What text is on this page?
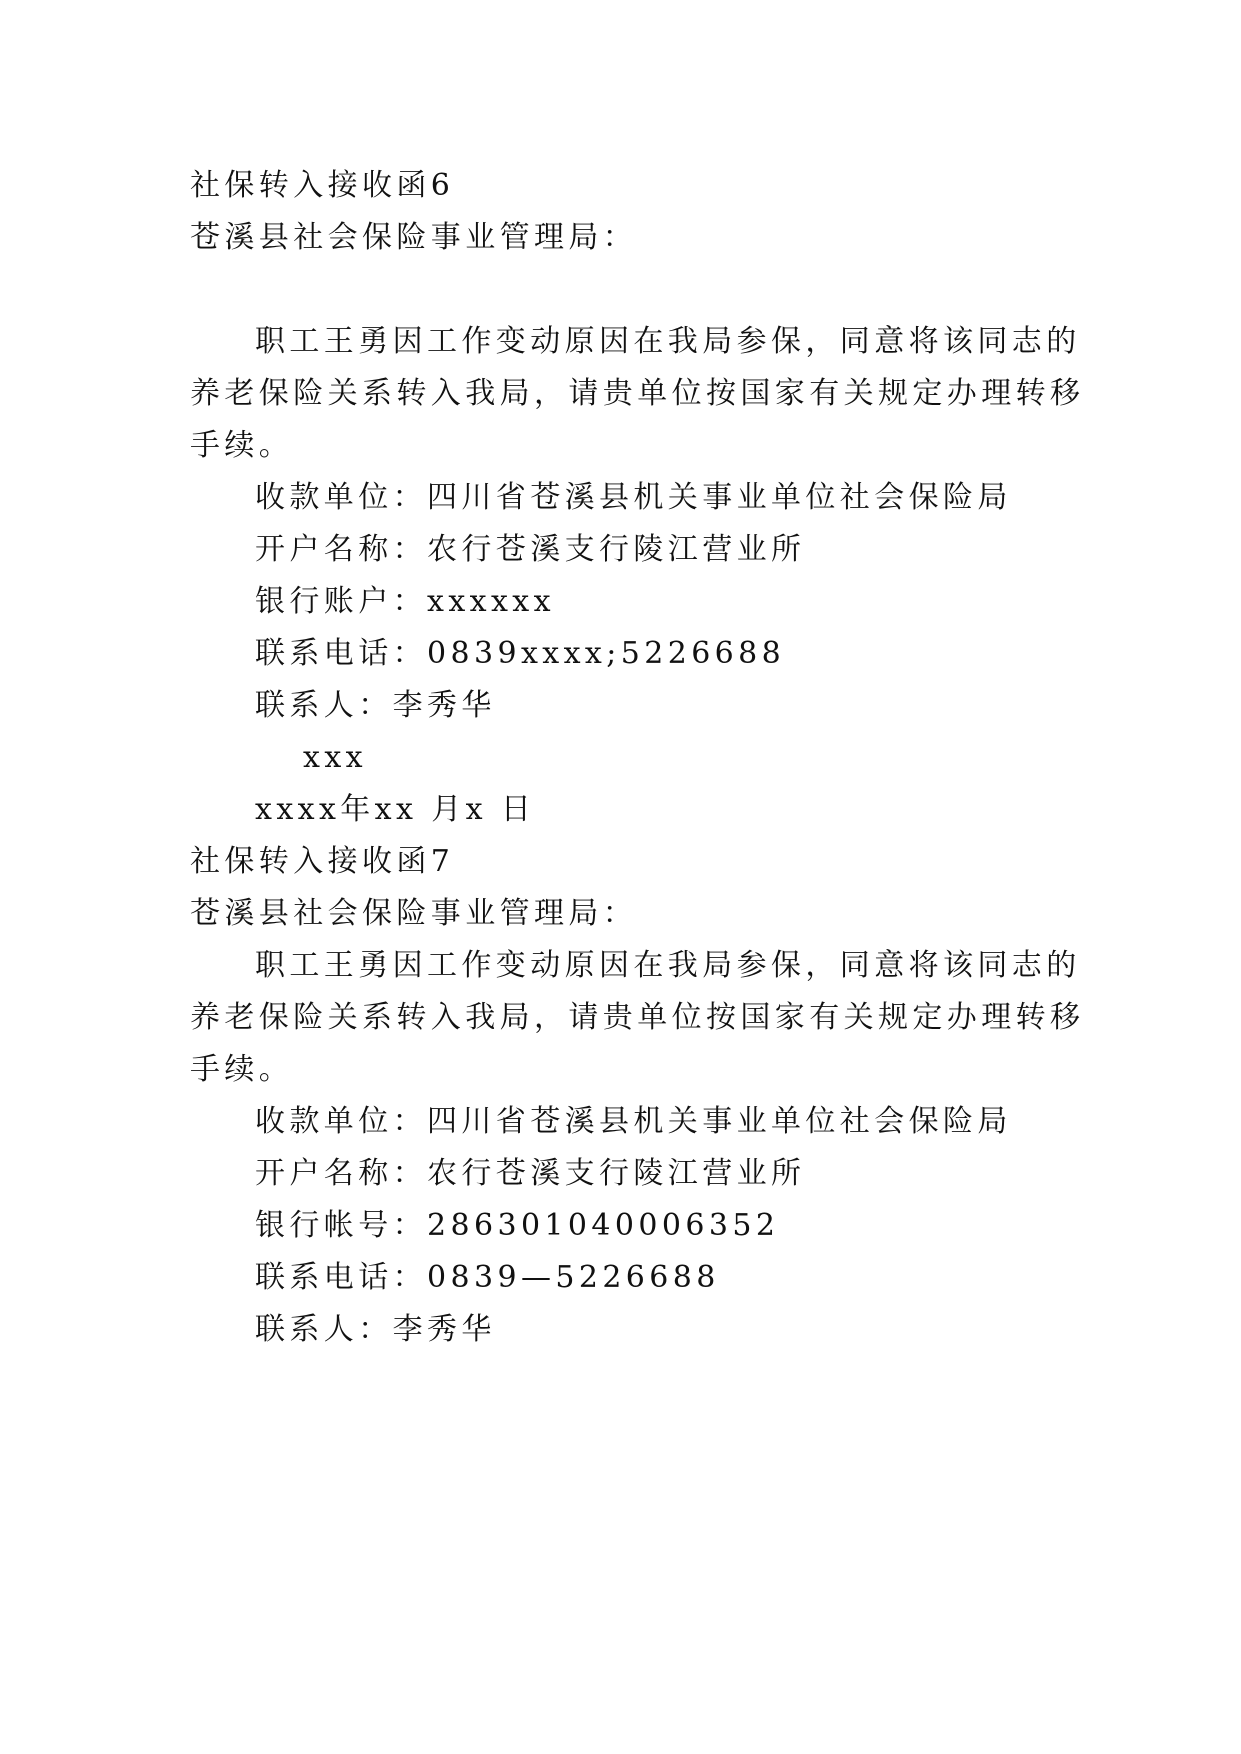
社保转入接收函6
苍溪县社会保险事业管理局：
职工王勇因工作变动原因在我局参保，同意将该同志的
养老保险关系转入我局，请贵单位按国家有关规定办理转移
手续。
收款单位：四川省苍溪县机关事业单位社会保险局
开户名称：农行苍溪支行陵江营业所
银行账户：xxxxxx
联系电话：0839xxxx;5226688
联系人：李秀华
xxx
xxxx年xx 月x 日
社保转入接收函7
苍溪县社会保险事业管理局：
职工王勇因工作变动原因在我局参保，同意将该同志的
养老保险关系转入我局，请贵单位按国家有关规定办理转移
手续。
收款单位：四川省苍溪县机关事业单位社会保险局
开户名称：农行苍溪支行陵江营业所
银行帐号：286301040006352
联系电话：0839—5226688
联系人：李秀华
